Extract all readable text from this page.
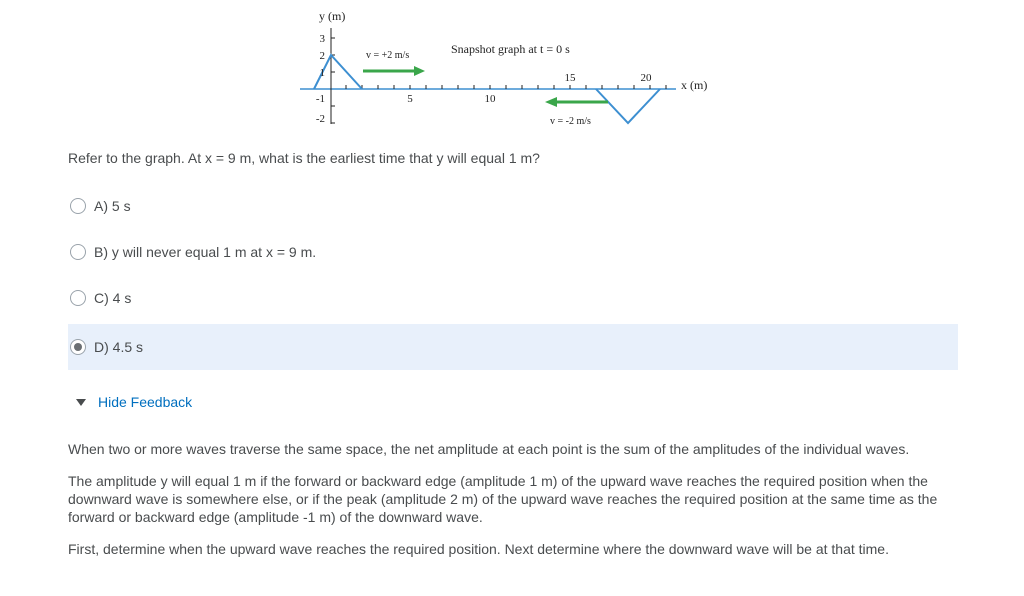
y (m)
x (m)
Snapshot graph at t = 0 s
v = +2 m/s
v = -2 m/s
3
2
1
-1
-2
5	10
15	20
Refer to the graph. At x = 9 m, what is the earliest time that y will equal 1 m?
A) 5 s
B) y will never equal 1 m at x = 9 m.
C) 4 s
D) 4.5 s
Hide Feedback

When two or more waves traverse the same space, the net amplitude at each point is the sum of the amplitudes of the individual waves.

The amplitude y will equal 1 m if the forward or backward edge (amplitude 1 m) of the upward wave reaches the required position when the downward wave is somewhere else, or if the peak (amplitude 2 m) of the upward wave reaches the required position at the same time as the forward or backward edge (amplitude -1 m) of the downward wave.

First, determine when the upward wave reaches the required position. Next determine where the downward wave will be at that time.
